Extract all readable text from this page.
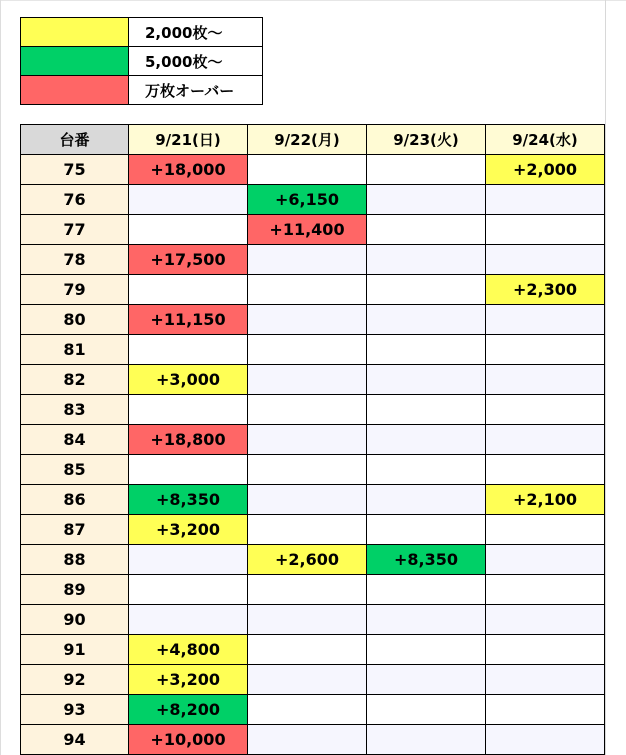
	2,000枚～
	5,000枚～
	万枚オーバー
台番	9/21(日)	9/22(月)	9/23(火)	9/24(水)
75	+18,000			+2,000
76		+6,150		
77		+11,400		
78	+17,500			
79				+2,300
80	+11,150			
81				
82	+3,000			
83				
84	+18,800			
85				
86	+8,350			+2,100
87	+3,200			
88		+2,600	+8,350	
89				
90				
91	+4,800			
92	+3,200			
93	+8,200			
94	+10,000			
